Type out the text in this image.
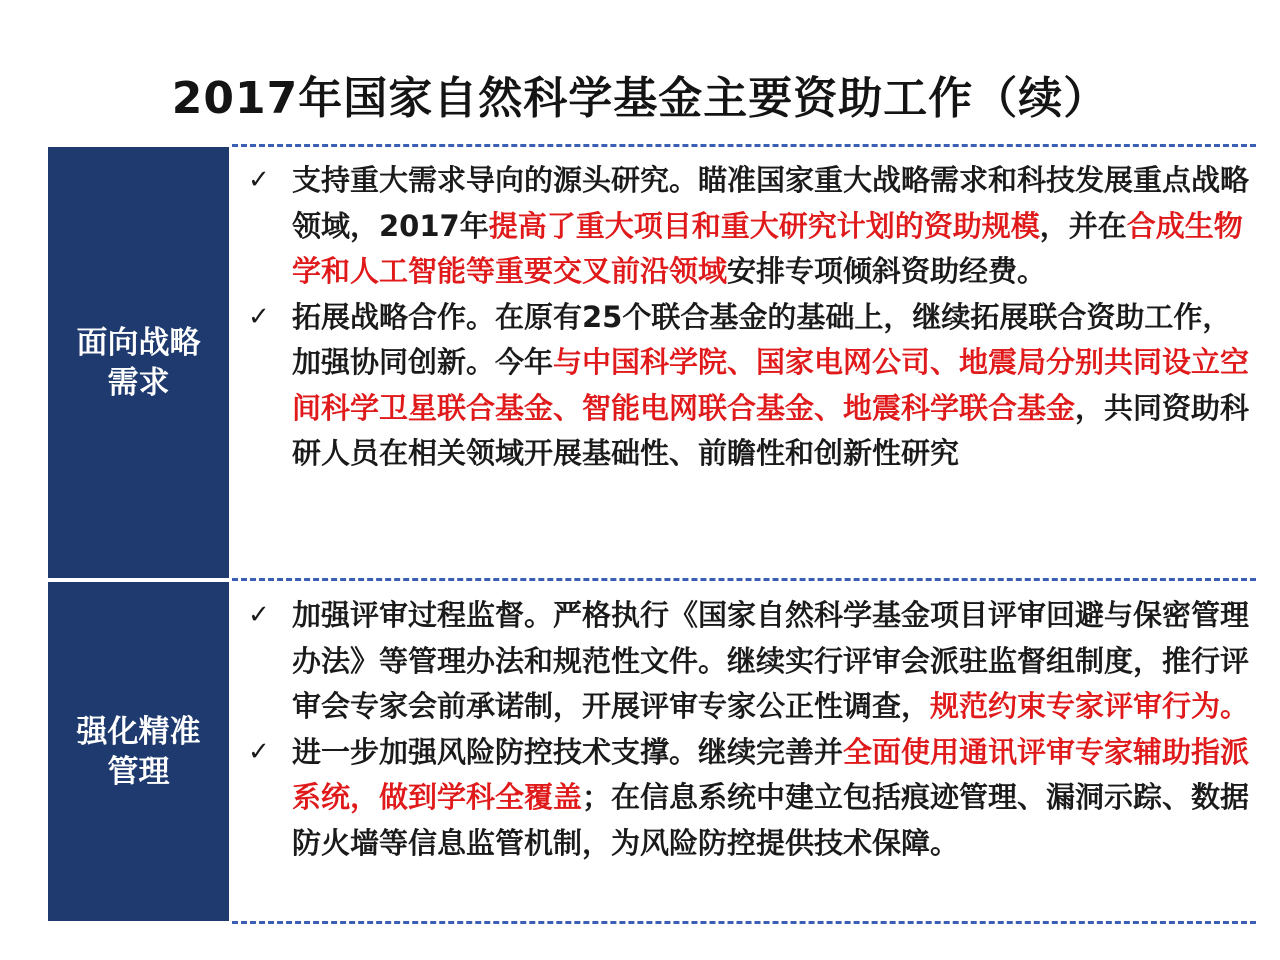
2017年国家自然科学基金主要资助工作（续）
面向战略
需求
强化精准
管理
✓ 支持重大需求导向的源头研究。瞄准国家重大战略需求和科技发展重点战略领域，2017年提高了重大项目和重大研究计划的资助规模，并在合成生物学和人工智能等重要交叉前沿领域安排专项倾斜资助经费。
✓ 拓展战略合作。在原有25个联合基金的基础上，继续拓展联合资助工作，加强协同创新。今年与中国科学院、国家电网公司、地震局分别共同设立空间科学卫星联合基金、智能电网联合基金、地震科学联合基金，共同资助科研人员在相关领域开展基础性、前瞻性和创新性研究
✓ 加强评审过程监督。严格执行《国家自然科学基金项目评审回避与保密管理办法》等管理办法和规范性文件。继续实行评审会派驻监督组制度，推行评审会专家会前承诺制，开展评审专家公正性调查，规范约束专家评审行为。
✓ 进一步加强风险防控技术支撑。继续完善并全面使用通讯评审专家辅助指派系统，做到学科全覆盖；在信息系统中建立包括痕迹管理、漏洞示踪、数据防火墙等信息监管机制，为风险防控提供技术保障。
